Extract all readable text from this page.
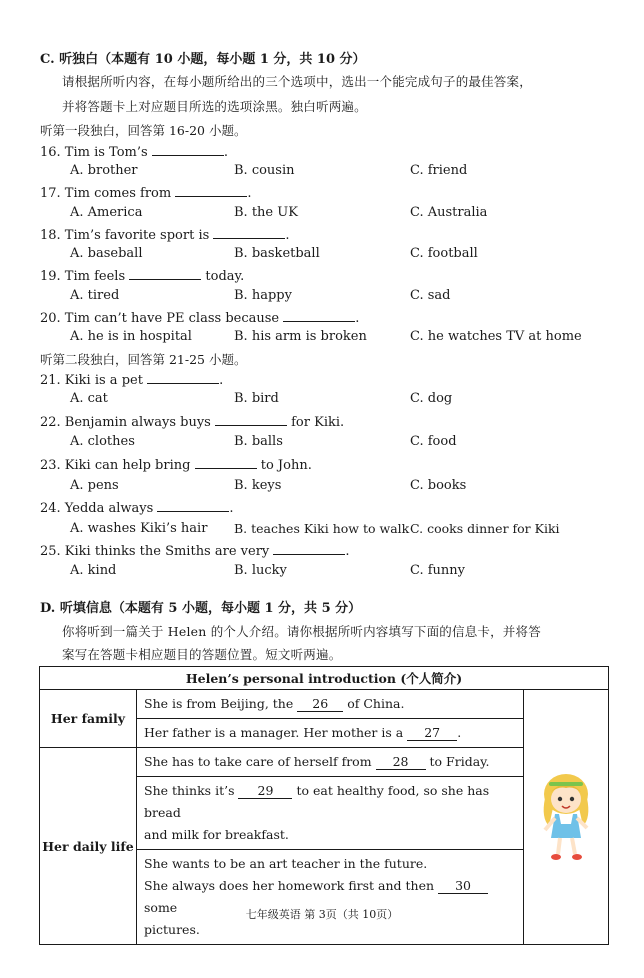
C. 听独白（本题有 10 小题，每小题 1 分，共 10 分）
请根据所听内容，在每小题所给出的三个选项中，选出一个能完成句子的最佳答案，
并将答题卡上对应题目所选的选项涂黑。独白听两遍。
听第一段独白，回答第 16-20 小题。
16. Tim is Tom’s	.
A. brother	B. cousin	C. friend
17. Tim comes from	.
A. America	B. the UK	C. Australia
18. Tim’s favorite sport is	.
A. baseball	B. basketball	C. football
19. Tim feels	today.
A. tired	B. happy	C. sad
20. Tim can’t have PE class because	.
A. he is in hospital	B. his arm is broken	C. he watches TV at home
听第二段独白，回答第 21-25 小题。
21. Kiki is a pet	.
A. cat	B. bird	C. dog
22. Benjamin always buys	for Kiki.
A. clothes	B. balls	C. food
23. Kiki can help bring	to John.
A. pens	B. keys	C. books
24. Yedda always	.
A. washes Kiki’s hair B. teaches Kiki how to walk C. cooks dinner for Kiki
25. Kiki thinks the Smiths are very	.
A. kind	B. lucky	C. funny
D. 听填信息（本题有 5 小题，每小题 1 分，共 5 分）
你将听到一篇关于 Helen 的个人介绍。请你根据所听内容填写下面的信息卡，并将答
案写在答题卡相应题目的答题位置。短文听两遍。
Helen’s personal introduction (个人简介)		
Her family	She is from Beijing, the 26 of China.	
	Her father is a manager. Her mother is a 27 .	
Her daily life	She has to take care of herself from 28 to Friday.	
	She thinks it’s 29 to eat healthy food, so she has bread
and milk for breakfast.	
	She wants to be an art teacher in the future.
She always does her homework first and then 30 some
pictures.	
七年级英语 第 3页（共 10页）
